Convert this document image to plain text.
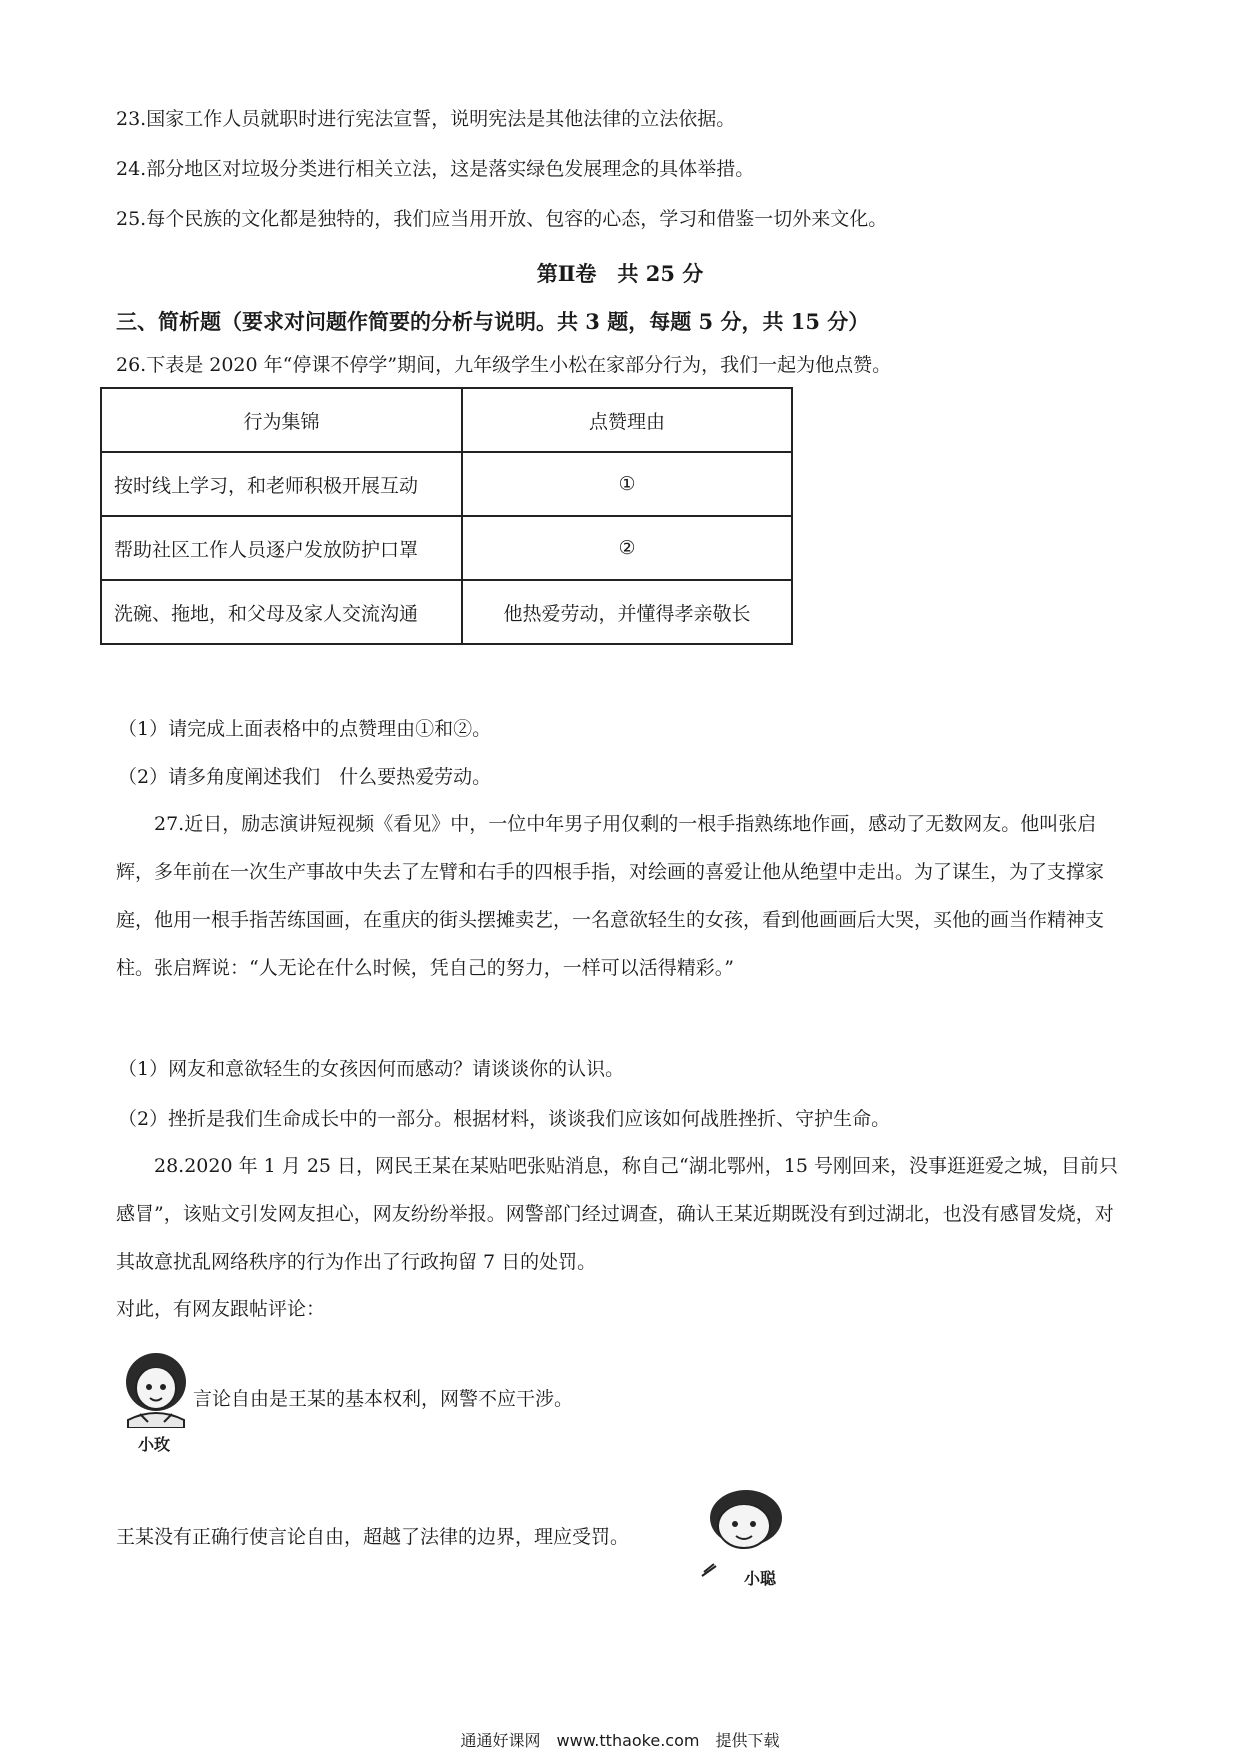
23.国家工作人员就职时进行宪法宣誓，说明宪法是其他法律的立法依据。
24.部分地区对垃圾分类进行相关立法，这是落实绿色发展理念的具体举措。
25.每个民族的文化都是独特的，我们应当用开放、包容的心态，学习和借鉴一切外来文化。
第Ⅱ卷　共 25 分
三、简析题（要求对问题作简要的分析与说明。共 3 题，每题 5 分，共 15 分）
26.下表是 2020 年“停课不停学”期间，九年级学生小松在家部分行为，我们一起为他点赞。
行为集锦	点赞理由
按时线上学习，和老师积极开展互动	①
帮助社区工作人员逐户发放防护口罩	②
洗碗、拖地，和父母及家人交流沟通	他热爱劳动，并懂得孝亲敬长
（1）请完成上面表格中的点赞理由①和②。
（2）请多角度阐述我们　什么要热爱劳动。
27.近日，励志演讲短视频《看见》中，一位中年男子用仅剩的一根手指熟练地作画，感动了无数网友。他叫张启辉，多年前在一次生产事故中失去了左臂和右手的四根手指，对绘画的喜爱让他从绝望中走出。为了谋生，为了支撑家庭，他用一根手指苦练国画，在重庆的街头摆摊卖艺，一名意欲轻生的女孩，看到他画画后大哭，买他的画当作精神支柱。张启辉说：“人无论在什么时候，凭自己的努力，一样可以活得精彩。”
（1）网友和意欲轻生的女孩因何而感动？请谈谈你的认识。
（2）挫折是我们生命成长中的一部分。根据材料，谈谈我们应该如何战胜挫折、守护生命。
28.2020 年 1 月 25 日，网民王某在某贴吧张贴消息，称自己“湖北鄂州，15 号刚回来，没事逛逛爱之城，目前只感冒”，该贴文引发网友担心，网友纷纷举报。网警部门经过调查，确认王某近期既没有到过湖北，也没有感冒发烧，对其故意扰乱网络秩序的行为作出了行政拘留 7 日的处罚。
对此，有网友跟帖评论：
言论自由是王某的基本权利，网警不应干涉。
小玫
王某没有正确行使言论自由，超越了法律的边界，理应受罚。
小聪
通通好课网　www.tthaoke.com　提供下载
